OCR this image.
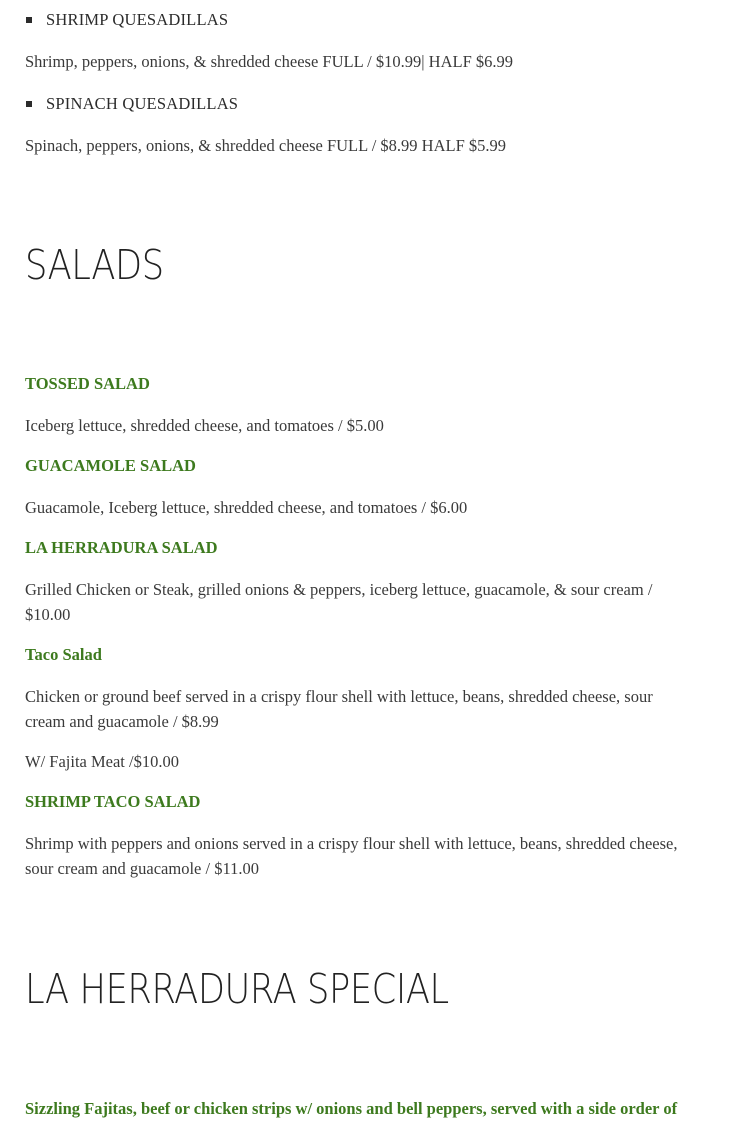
SHRIMP QUESADILLAS

Shrimp, peppers, onions, & shredded cheese FULL / $10.99| HALF $6.99

SPINACH QUESADILLAS

Spinach, peppers, onions, & shredded cheese FULL / $8.99 HALF $5.99

SALADS
TOSSED SALAD

Iceberg lettuce, shredded cheese, and tomatoes / $5.00

GUACAMOLE SALAD

Guacamole, Iceberg lettuce, shredded cheese, and tomatoes / $6.00

LA HERRADURA SALAD

Grilled Chicken or Steak, grilled onions & peppers, iceberg lettuce, guacamole, & sour cream / $10.00

Taco Salad

Chicken or ground beef served in a crispy flour shell with lettuce, beans, shredded cheese, sour cream and guacamole / $8.99

W/ Fajita Meat /$10.00

SHRIMP TACO SALAD

Shrimp with peppers and onions served in a crispy flour shell with lettuce, beans, shredded cheese, sour cream and guacamole / $11.00

LA HERRADURA SPECIAL

Sizzling Fajitas, beef or chicken strips w/ onions and bell peppers, served with a side order of
